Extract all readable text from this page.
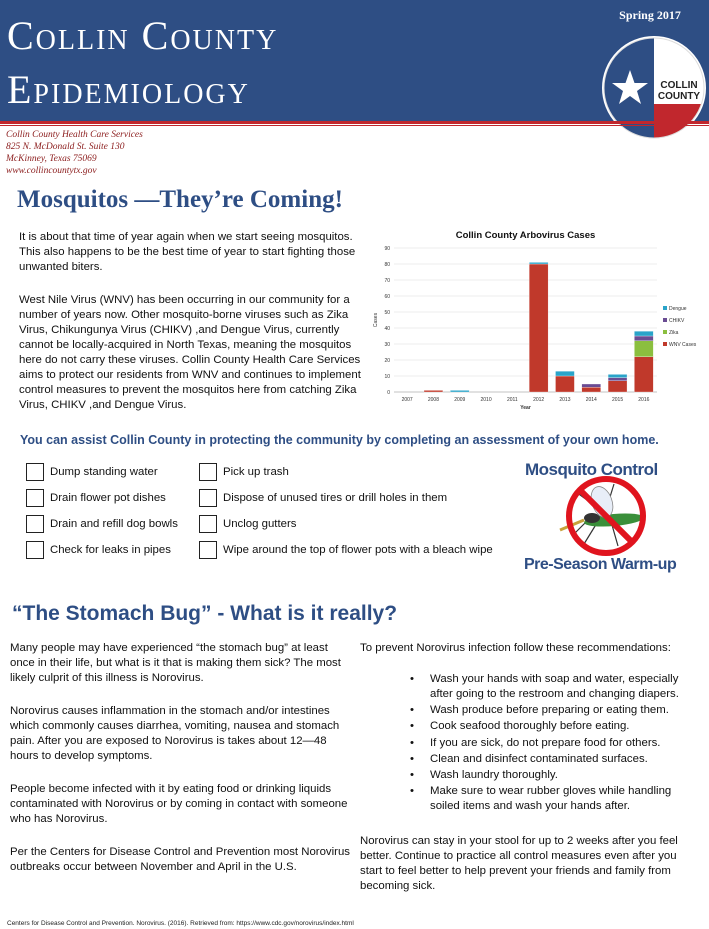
Collin County
Epidemiology
Spring 2017
COLLIN
COUNTY
Collin County Health Care Services
825 N. McDonald St. Suite 130
McKinney, Texas 75069
www.collincountytx.gov
Mosquitos —They’re Coming!
It is about that time of year again when we start seeing mosquitos. This also happens to be the best time of year to start fighting those unwanted biters.
West Nile Virus (WNV) has been occurring in our community for a number of years now. Other mosquito-borne viruses such as Zika Virus, Chikungunya Virus (CHIKV) ,and Dengue Virus, currently cannot be locally-acquired in North Texas, meaning the mosquitos here do not carry these viruses. Collin County Health Care Services aims to protect our residents from WNV and continues to implement control measures to prevent the mosquitos here from catching Zika Virus, CHIKV ,and Dengue Virus.
Collin County Arbovirus Cases
0
10
20
30
40
50
60
70
80
90
Cases
2007	2008	2009	2010	2011	2012	2013	2014	2015	2016
Year
Dengue
CHIKV
Zika
WNV Cases
You can assist Collin County in protecting the community by completing an assessment of your own home.
Dump standing water
Drain flower pot dishes
Drain and refill dog bowls
Check for leaks in pipes
Pick up trash
Dispose of unused tires or drill holes in them
Unclog gutters
Wipe around the top of flower pots with a bleach wipe
Mosquito Control
Pre-Season Warm-up
“The Stomach Bug” - What is it really?
Many people may have experienced “the stomach bug” at least once in their life, but what is it that is making them sick? The most likely culprit of this illness is Norovirus.
Norovirus causes inflammation in the stomach and/or intestines which commonly causes diarrhea, vomiting, nausea and stomach pain. After you are exposed to Norovirus is takes about 12—48 hours to develop symptoms.
People become infected with it by eating food or drinking liquids contaminated with Norovirus or by coming in contact with someone who has Norovirus.
Per the Centers for Disease Control and Prevention most Norovirus outbreaks occur between November and April in the U.S.
To prevent Norovirus infection follow these recommendations:
• Wash your hands with soap and water, especially after going to the restroom and changing diapers.
• Wash produce before preparing or eating them.
• Cook seafood thoroughly before eating.
• If you are sick, do not prepare food for others.
• Clean and disinfect contaminated surfaces.
• Wash laundry thoroughly.
• Make sure to wear rubber gloves while handling soiled items and wash your hands after.
Norovirus can stay in your stool for up to 2 weeks after you feel better. Continue to practice all control measures even after you start to feel better to help prevent your friends and family from becoming sick.
Centers for Disease Control and Prevention. Norovirus. (2016). Retrieved from: https://www.cdc.gov/norovirus/index.html
